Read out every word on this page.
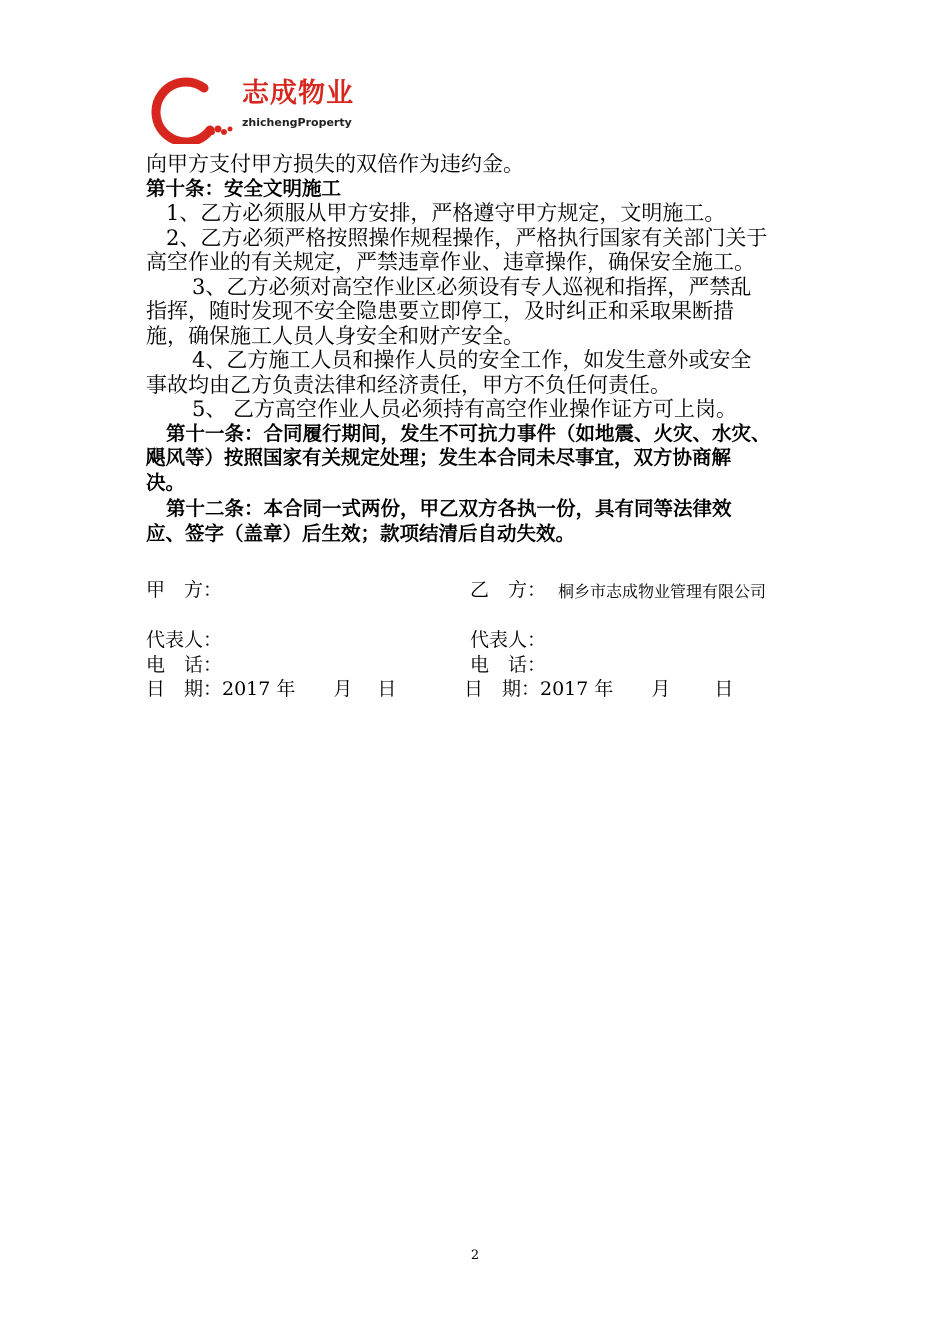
志成物业
zhichengProperty
向甲方支付甲方损失的双倍作为违约金。
第十条：安全文明施工
1、乙方必须服从甲方安排，严格遵守甲方规定，文明施工。
2、乙方必须严格按照操作规程操作，严格执行国家有关部门关于
高空作业的有关规定，严禁违章作业、违章操作，确保安全施工。
3、乙方必须对高空作业区必须设有专人巡视和指挥，严禁乱
指挥，随时发现不安全隐患要立即停工，及时纠正和采取果断措
施，确保施工人员人身安全和财产安全。
4、乙方施工人员和操作人员的安全工作，如发生意外或安全
事故均由乙方负责法律和经济责任，甲方不负任何责任。
5、 乙方高空作业人员必须持有高空作业操作证方可上岗。
第十一条：合同履行期间，发生不可抗力事件（如地震、火灾、水灾、
飓风等）按照国家有关规定处理；发生本合同未尽事宜，双方协商解
决。
第十二条：本合同一式两份，甲乙双方各执一份，具有同等法律效
应、签字（盖章）后生效；款项结清后自动失效。
甲　方：	乙　方： 桐乡市志成物业管理有限公司
代表人：	代表人：
电　话：	电　话：
日　期：2017 年　　月　 日	日　期：2017 年　　月　　 日
2
